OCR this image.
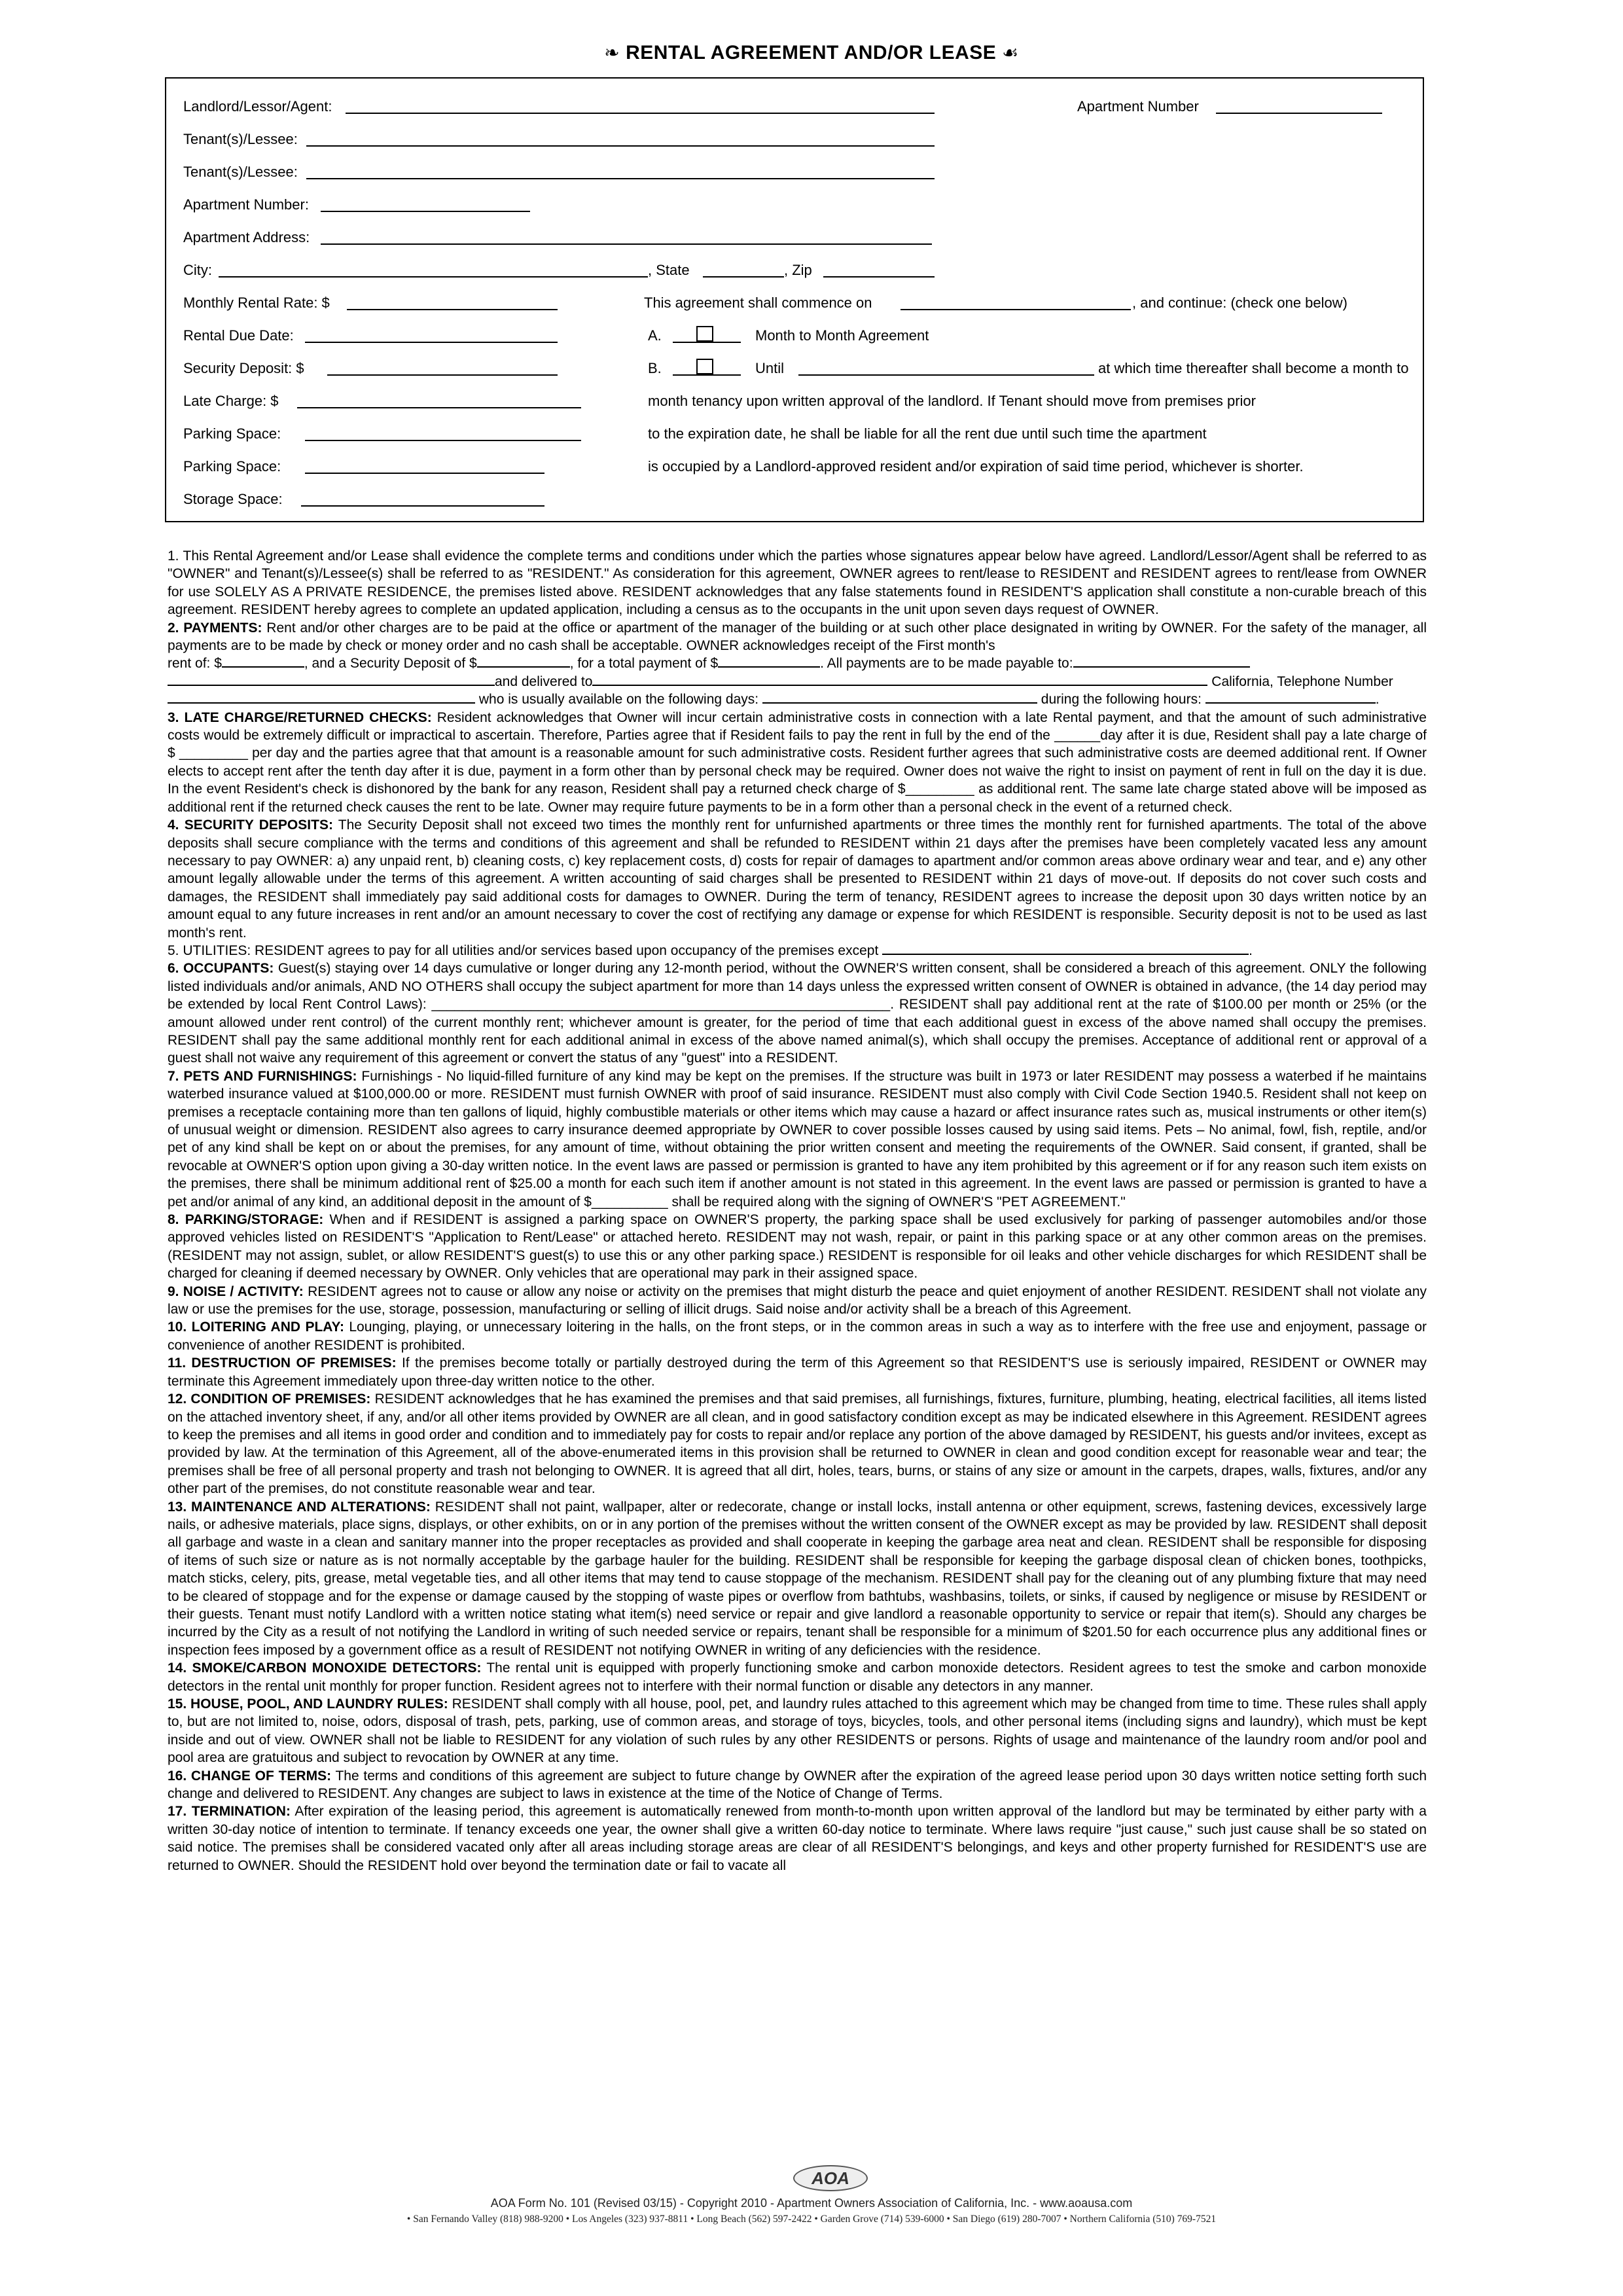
❧ RENTAL AGREEMENT AND/OR LEASE ☙
Landlord/Lessor/Agent:	Apartment Number
Tenant(s)/Lessee:
Tenant(s)/Lessee:
Apartment Number:
Apartment Address:
City:	, State	, Zip
Monthly Rental Rate: $
Rental Due Date:
Security Deposit: $
Late Charge: $
Parking Space:
Parking Space:
Storage Space:
This agreement shall commence on	, and continue: (check one below)
A.	Month to Month Agreement
B.	Until	at which time thereafter shall become a month to
month tenancy upon written approval of the landlord. If Tenant should move from premises prior
to the expiration date, he shall be liable for all the rent due until such time the apartment
is occupied by a Landlord-approved resident and/or expiration of said time period, whichever is shorter.

1. This Rental Agreement and/or Lease shall evidence the complete terms and conditions under which the parties whose signatures appear below have agreed. Landlord/Lessor/Agent shall be referred to as "OWNER" and Tenant(s)/Lessee(s) shall be referred to as "RESIDENT." As consideration for this agreement, OWNER agrees to rent/lease to RESIDENT and RESIDENT agrees to rent/lease from OWNER for use SOLELY AS A PRIVATE RESIDENCE, the premises listed above. RESIDENT acknowledges that any false statements found in RESIDENT'S application shall constitute a non-curable breach of this agreement. RESIDENT hereby agrees to complete an updated application, including a census as to the occupants in the unit upon seven days request of OWNER.

2. PAYMENTS: Rent and/or other charges are to be paid at the office or apartment of the manager of the building or at such other place designated in writing by OWNER. For the safety of the manager, all payments are to be made by check or money order and no cash shall be acceptable. OWNER acknowledges receipt of the First month's

rent of: $	, and a Security Deposit of $	, for a total payment of $	. All payments are to be made payable to:

and delivered to	California, Telephone Number

who is usually available on the following days:	during the following hours:	.

3. LATE CHARGE/RETURNED CHECKS: Resident acknowledges that Owner will incur certain administrative costs in connection with a late Rental payment, and that the amount of such administrative costs would be extremely difficult or impractical to ascertain. Therefore, Parties agree that if Resident fails to pay the rent in full by the end of the ______day after it is due, Resident shall pay a late charge of $ _________ per day and the parties agree that that amount is a reasonable amount for such administrative costs. Resident further agrees that such administrative costs are deemed additional rent. If Owner elects to accept rent after the tenth day after it is due, payment in a form other than by personal check may be required. Owner does not waive the right to insist on payment of rent in full on the day it is due. In the event Resident's check is dishonored by the bank for any reason, Resident shall pay a returned check charge of $_________ as additional rent. The same late charge stated above will be imposed as additional rent if the returned check causes the rent to be late. Owner may require future payments to be in a form other than a personal check in the event of a returned check.

4. SECURITY DEPOSITS: The Security Deposit shall not exceed two times the monthly rent for unfurnished apartments or three times the monthly rent for furnished apartments. The total of the above deposits shall secure compliance with the terms and conditions of this agreement and shall be refunded to RESIDENT within 21 days after the premises have been completely vacated less any amount necessary to pay OWNER: a) any unpaid rent, b) cleaning costs, c) key replacement costs, d) costs for repair of damages to apartment and/or common areas above ordinary wear and tear, and e) any other amount legally allowable under the terms of this agreement. A written accounting of said charges shall be presented to RESIDENT within 21 days of move-out. If deposits do not cover such costs and damages, the RESIDENT shall immediately pay said additional costs for damages to OWNER. During the term of tenancy, RESIDENT agrees to increase the deposit upon 30 days written notice by an amount equal to any future increases in rent and/or an amount necessary to cover the cost of rectifying any damage or expense for which RESIDENT is responsible. Security deposit is not to be used as last month's rent.

5. UTILITIES: RESIDENT agrees to pay for all utilities and/or services based upon occupancy of the premises except	.

6. OCCUPANTS: Guest(s) staying over 14 days cumulative or longer during any 12-month period, without the OWNER'S written consent, shall be considered a breach of this agreement. ONLY the following listed individuals and/or animals, AND NO OTHERS shall occupy the subject apartment for more than 14 days unless the expressed written consent of OWNER is obtained in advance, (the 14 day period may be extended by local Rent Control Laws): ____________________________________________________________. RESIDENT shall pay additional rent at the rate of $100.00 per month or 25% (or the amount allowed under rent control) of the current monthly rent; whichever amount is greater, for the period of time that each additional guest in excess of the above named shall occupy the premises. RESIDENT shall pay the same additional monthly rent for each additional animal in excess of the above named animal(s), which shall occupy the premises. Acceptance of additional rent or approval of a guest shall not waive any requirement of this agreement or convert the status of any "guest" into a RESIDENT.

7. PETS AND FURNISHINGS: Furnishings - No liquid-filled furniture of any kind may be kept on the premises. If the structure was built in 1973 or later RESIDENT may possess a waterbed if he maintains waterbed insurance valued at $100,000.00 or more. RESIDENT must furnish OWNER with proof of said insurance. RESIDENT must also comply with Civil Code Section 1940.5. Resident shall not keep on premises a receptacle containing more than ten gallons of liquid, highly combustible materials or other items which may cause a hazard or affect insurance rates such as, musical instruments or other item(s) of unusual weight or dimension. RESIDENT also agrees to carry insurance deemed appropriate by OWNER to cover possible losses caused by using said items. Pets – No animal, fowl, fish, reptile, and/or pet of any kind shall be kept on or about the premises, for any amount of time, without obtaining the prior written consent and meeting the requirements of the OWNER. Said consent, if granted, shall be revocable at OWNER'S option upon giving a 30-day written notice. In the event laws are passed or permission is granted to have any item prohibited by this agreement or if for any reason such item exists on the premises, there shall be minimum additional rent of $25.00 a month for each such item if another amount is not stated in this agreement. In the event laws are passed or permission is granted to have a pet and/or animal of any kind, an additional deposit in the amount of $__________ shall be required along with the signing of OWNER'S "PET AGREEMENT."

8. PARKING/STORAGE: When and if RESIDENT is assigned a parking space on OWNER'S property, the parking space shall be used exclusively for parking of passenger automobiles and/or those approved vehicles listed on RESIDENT'S "Application to Rent/Lease" or attached hereto. RESIDENT may not wash, repair, or paint in this parking space or at any other common areas on the premises. (RESIDENT may not assign, sublet, or allow RESIDENT'S guest(s) to use this or any other parking space.) RESIDENT is responsible for oil leaks and other vehicle discharges for which RESIDENT shall be charged for cleaning if deemed necessary by OWNER. Only vehicles that are operational may park in their assigned space.

9. NOISE / ACTIVITY: RESIDENT agrees not to cause or allow any noise or activity on the premises that might disturb the peace and quiet enjoyment of another RESIDENT. RESIDENT shall not violate any law or use the premises for the use, storage, possession, manufacturing or selling of illicit drugs. Said noise and/or activity shall be a breach of this Agreement.

10. LOITERING AND PLAY: Lounging, playing, or unnecessary loitering in the halls, on the front steps, or in the common areas in such a way as to interfere with the free use and enjoyment, passage or convenience of another RESIDENT is prohibited.

11. DESTRUCTION OF PREMISES: If the premises become totally or partially destroyed during the term of this Agreement so that RESIDENT'S use is seriously impaired, RESIDENT or OWNER may terminate this Agreement immediately upon three-day written notice to the other.

12. CONDITION OF PREMISES: RESIDENT acknowledges that he has examined the premises and that said premises, all furnishings, fixtures, furniture, plumbing, heating, electrical facilities, all items listed on the attached inventory sheet, if any, and/or all other items provided by OWNER are all clean, and in good satisfactory condition except as may be indicated elsewhere in this Agreement. RESIDENT agrees to keep the premises and all items in good order and condition and to immediately pay for costs to repair and/or replace any portion of the above damaged by RESIDENT, his guests and/or invitees, except as provided by law. At the termination of this Agreement, all of the above-enumerated items in this provision shall be returned to OWNER in clean and good condition except for reasonable wear and tear; the premises shall be free of all personal property and trash not belonging to OWNER. It is agreed that all dirt, holes, tears, burns, or stains of any size or amount in the carpets, drapes, walls, fixtures, and/or any other part of the premises, do not constitute reasonable wear and tear.

13. MAINTENANCE AND ALTERATIONS: RESIDENT shall not paint, wallpaper, alter or redecorate, change or install locks, install antenna or other equipment, screws, fastening devices, excessively large nails, or adhesive materials, place signs, displays, or other exhibits, on or in any portion of the premises without the written consent of the OWNER except as may be provided by law. RESIDENT shall deposit all garbage and waste in a clean and sanitary manner into the proper receptacles as provided and shall cooperate in keeping the garbage area neat and clean. RESIDENT shall be responsible for disposing of items of such size or nature as is not normally acceptable by the garbage hauler for the building. RESIDENT shall be responsible for keeping the garbage disposal clean of chicken bones, toothpicks, match sticks, celery, pits, grease, metal vegetable ties, and all other items that may tend to cause stoppage of the mechanism. RESIDENT shall pay for the cleaning out of any plumbing fixture that may need to be cleared of stoppage and for the expense or damage caused by the stopping of waste pipes or overflow from bathtubs, washbasins, toilets, or sinks, if caused by negligence or misuse by RESIDENT or their guests. Tenant must notify Landlord with a written notice stating what item(s) need service or repair and give landlord a reasonable opportunity to service or repair that item(s). Should any charges be incurred by the City as a result of not notifying the Landlord in writing of such needed service or repairs, tenant shall be responsible for a minimum of $201.50 for each occurrence plus any additional fines or inspection fees imposed by a government office as a result of RESIDENT not notifying OWNER in writing of any deficiencies with the residence.

14. SMOKE/CARBON MONOXIDE DETECTORS: The rental unit is equipped with properly functioning smoke and carbon monoxide detectors. Resident agrees to test the smoke and carbon monoxide detectors in the rental unit monthly for proper function. Resident agrees not to interfere with their normal function or disable any detectors in any manner.

15. HOUSE, POOL, AND LAUNDRY RULES: RESIDENT shall comply with all house, pool, pet, and laundry rules attached to this agreement which may be changed from time to time. These rules shall apply to, but are not limited to, noise, odors, disposal of trash, pets, parking, use of common areas, and storage of toys, bicycles, tools, and other personal items (including signs and laundry), which must be kept inside and out of view. OWNER shall not be liable to RESIDENT for any violation of such rules by any other RESIDENTS or persons. Rights of usage and maintenance of the laundry room and/or pool and pool area are gratuitous and subject to revocation by OWNER at any time.

16. CHANGE OF TERMS: The terms and conditions of this agreement are subject to future change by OWNER after the expiration of the agreed lease period upon 30 days written notice setting forth such change and delivered to RESIDENT. Any changes are subject to laws in existence at the time of the Notice of Change of Terms.

17. TERMINATION: After expiration of the leasing period, this agreement is automatically renewed from month-to-month upon written approval of the landlord but may be terminated by either party with a written 30-day notice of intention to terminate. If tenancy exceeds one year, the owner shall give a written 60-day notice to terminate. Where laws require "just cause," such just cause shall be so stated on said notice. The premises shall be considered vacated only after all areas including storage areas are clear of all RESIDENT'S belongings, and keys and other property furnished for RESIDENT'S use are returned to OWNER. Should the RESIDENT hold over beyond the termination date or fail to vacate all

AOA
AOA Form No. 101 (Revised 03/15) - Copyright 2010 - Apartment Owners Association of California, Inc. - www.aoausa.com
• San Fernando Valley (818) 988-9200 • Los Angeles (323) 937-8811 • Long Beach (562) 597-2422 • Garden Grove (714) 539-6000 • San Diego (619) 280-7007 • Northern California (510) 769-7521
